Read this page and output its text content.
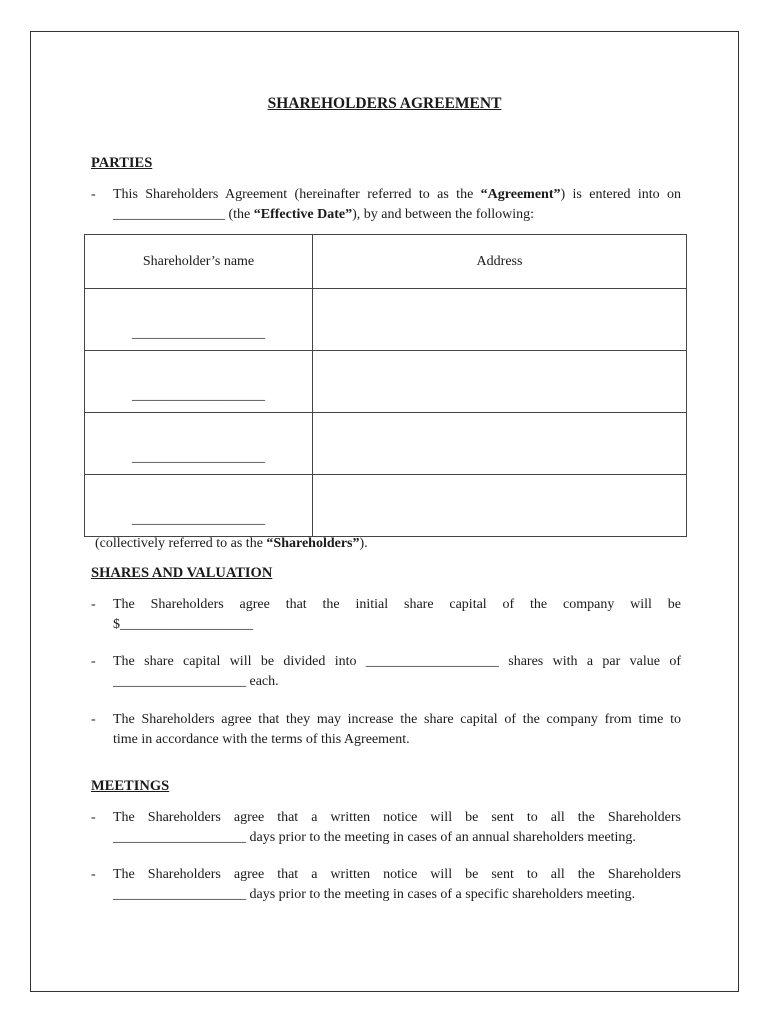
SHAREHOLDERS AGREEMENT
PARTIES
- This Shareholders Agreement (hereinafter referred to as the “Agreement”) is entered into on
________________ (the “Effective Date”), by and between the following:
Shareholder’s name	Address
___________________	
___________________	
___________________	
___________________	
(collectively referred to as the “Shareholders”).
SHARES AND VALUATION
- The Shareholders agree that the initial share capital of the company will be
$___________________
- The share capital will be divided into ___________________ shares with a par value of
___________________ each.
- The Shareholders agree that they may increase the share capital of the company from time to
time in accordance with the terms of this Agreement.
MEETINGS
- The Shareholders agree that a written notice will be sent to all the Shareholders
___________________ days prior to the meeting in cases of an annual shareholders meeting.
- The Shareholders agree that a written notice will be sent to all the Shareholders
___________________ days prior to the meeting in cases of a specific shareholders meeting.
